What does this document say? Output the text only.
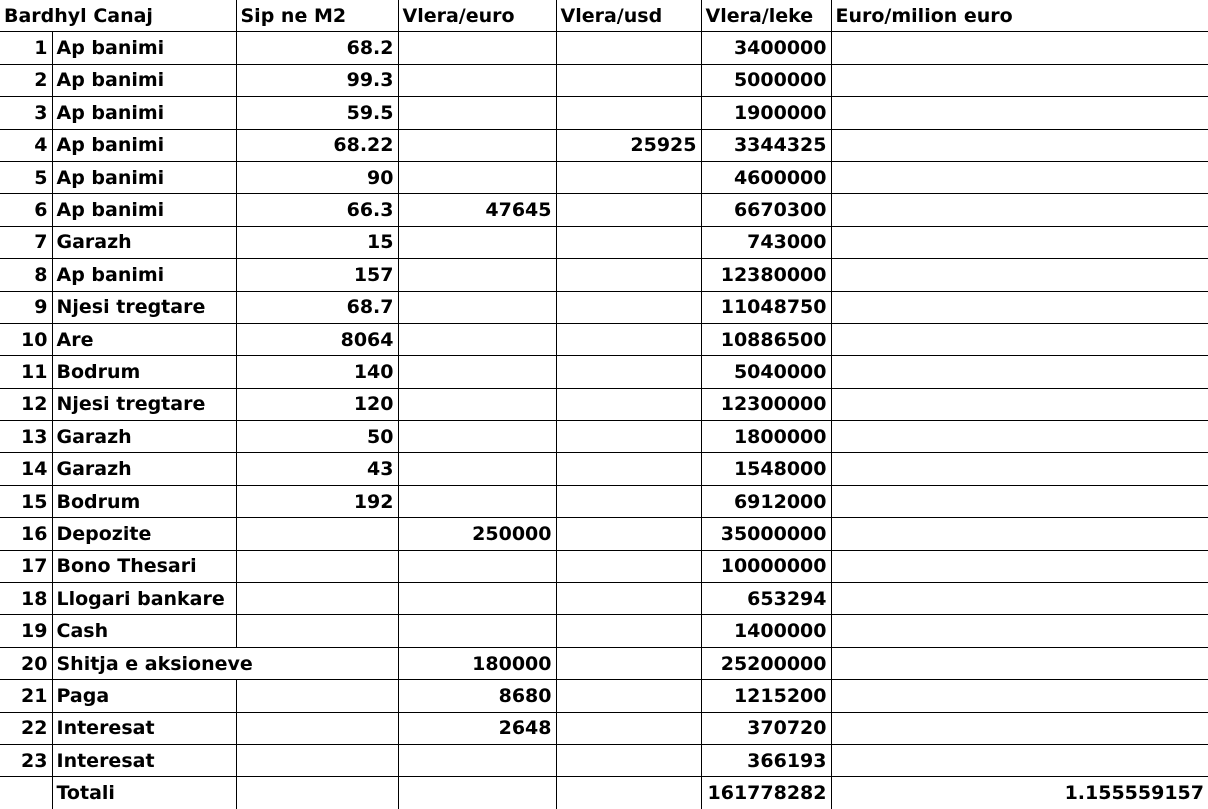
Bardhyl Canaj		Sip ne M2	Vlera/euro	Vlera/usd	Vlera/leke	Euro/milion euro
1	Ap banimi	68.2			3400000	
2	Ap banimi	99.3			5000000	
3	Ap banimi	59.5			1900000	
4	Ap banimi	68.22		25925	3344325	
5	Ap banimi	90			4600000	
6	Ap banimi	66.3	47645		6670300	
7	Garazh	15			743000	
8	Ap banimi	157			12380000	
9	Njesi tregtare	68.7			11048750	
10	Are	8064			10886500	
11	Bodrum	140			5040000	
12	Njesi tregtare	120			12300000	
13	Garazh	50			1800000	
14	Garazh	43			1548000	
15	Bodrum	192			6912000	
16	Depozite		250000		35000000	
17	Bono Thesari				10000000	
18	Llogari bankare				653294	
19	Cash				1400000	
20	Shitja e aksioneve		180000		25200000	
21	Paga		8680		1215200	
22	Interesat		2648		370720	
23	Interesat				366193	
	Totali				161778282	1.155559157
